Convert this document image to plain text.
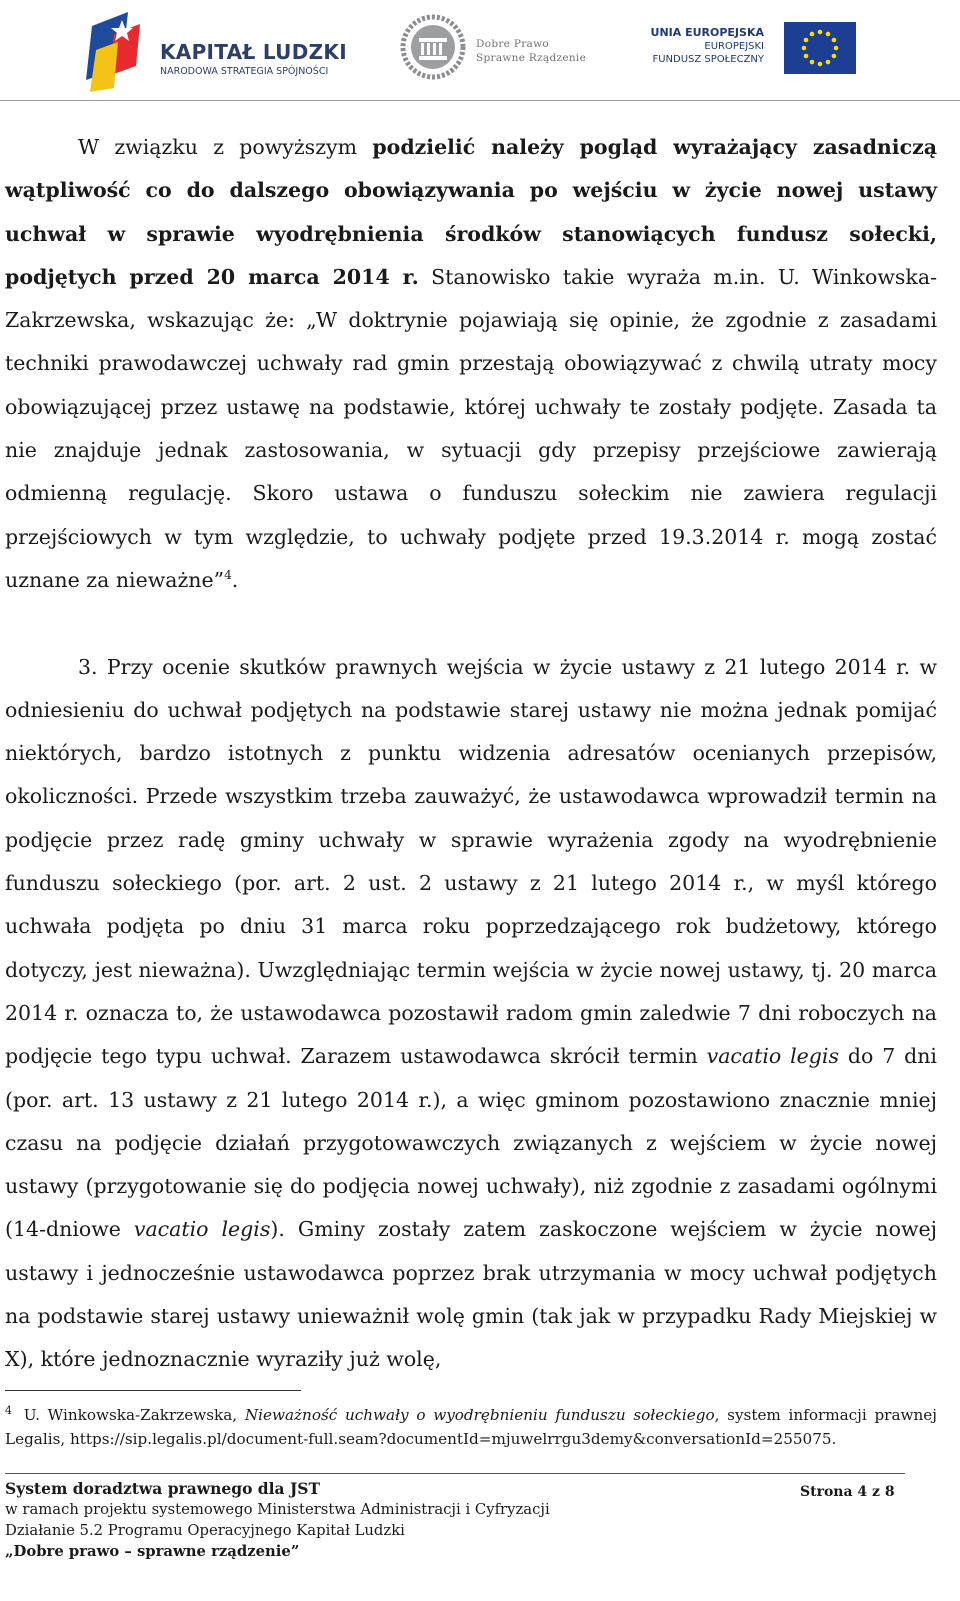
KAPITAŁ LUDZKI
NARODOWA STRATEGIA SPÓJNOŚCI
Dobre Prawo
Sprawne Rządzenie
UNIA EUROPEJSKA
EUROPEJSKI
FUNDUSZ SPOŁECZNY

W związku z powyższym podzielić należy pogląd wyrażający zasadniczą wątpliwość co do dalszego obowiązywania po wejściu w życie nowej ustawy uchwał w sprawie wyodrębnienia środków stanowiących fundusz sołecki, podjętych przed 20 marca 2014 r. Stanowisko takie wyraża m.in. U. Winkowska-Zakrzewska, wskazując że: „W doktrynie pojawiają się opinie, że zgodnie z zasadami techniki prawodawczej uchwały rad gmin przestają obowiązywać z chwilą utraty mocy obowiązującej przez ustawę na podstawie, której uchwały te zostały podjęte. Zasada ta nie znajduje jednak zastosowania, w sytuacji gdy przepisy przejściowe zawierają odmienną regulację. Skoro ustawa o funduszu sołeckim nie zawiera regulacji przejściowych w tym względzie, to uchwały podjęte przed 19.3.2014 r. mogą zostać uznane za nieważne”$^4$.

3. Przy ocenie skutków prawnych wejścia w życie ustawy z 21 lutego 2014 r. w odniesieniu do uchwał podjętych na podstawie starej ustawy nie można jednak pomijać niektórych, bardzo istotnych z punktu widzenia adresatów ocenianych przepisów, okoliczności. Przede wszystkim trzeba zauważyć, że ustawodawca wprowadził termin na podjęcie przez radę gminy uchwały w sprawie wyrażenia zgody na wyodrębnienie funduszu sołeckiego (por. art. 2 ust. 2 ustawy z 21 lutego 2014 r., w myśl którego uchwała podjęta po dniu 31 marca roku poprzedzającego rok budżetowy, którego dotyczy, jest nieważna). Uwzględniając termin wejścia w życie nowej ustawy, tj. 20 marca 2014 r. oznacza to, że ustawodawca pozostawił radom gmin zaledwie 7 dni roboczych na podjęcie tego typu uchwał. Zarazem ustawodawca skrócił termin vacatio legis do 7 dni (por. art. 13 ustawy z 21 lutego 2014 r.), a więc gminom pozostawiono znacznie mniej czasu na podjęcie działań przygotowawczych związanych z wejściem w życie nowej ustawy (przygotowanie się do podjęcia nowej uchwały), niż zgodnie z zasadami ogólnymi (14-dniowe vacatio legis). Gminy zostały zatem zaskoczone wejściem w życie nowej ustawy i jednocześnie ustawodawca poprzez brak utrzymania w mocy uchwał podjętych na podstawie starej ustawy unieważnił wolę gmin (tak jak w przypadku Rady Miejskiej w X), które jednoznacznie wyraziły już wolę,

$^4$ U. Winkowska-Zakrzewska, Nieważność uchwały o wyodrębnieniu funduszu sołeckiego, system informacji prawnej Legalis, https://sip.legalis.pl/document-full.seam?documentId=mjuwelrrgu3demy&conversationId=255075.
System doradztwa prawnego dla JST
w ramach projektu systemowego Ministerstwa Administracji i Cyfryzacji
Działanie 5.2 Programu Operacyjnego Kapitał Ludzki
„Dobre prawo – sprawne rządzenie”
Strona 4 z 8
